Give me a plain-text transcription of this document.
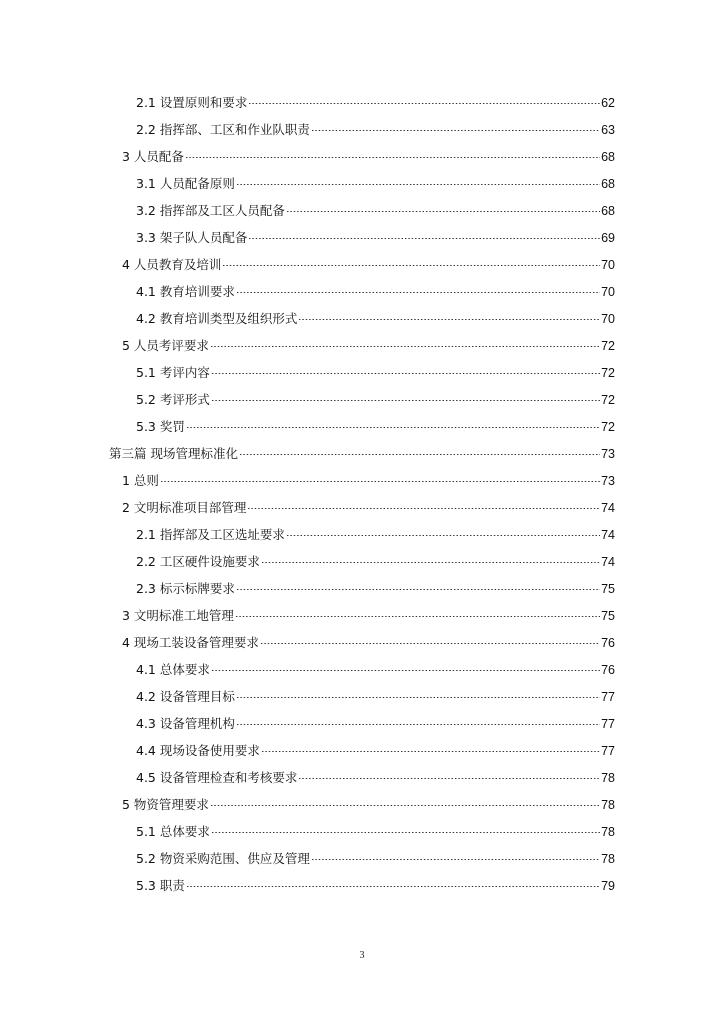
2.1 设置原则和要求	62
2.2 指挥部、工区和作业队职责	63
3 人员配备	68
3.1 人员配备原则	68
3.2 指挥部及工区人员配备	68
3.3 架子队人员配备	69
4 人员教育及培训	70
4.1 教育培训要求	70
4.2 教育培训类型及组织形式	70
5 人员考评要求	72
5.1 考评内容	72
5.2 考评形式	72
5.3 奖罚	72
第三篇 现场管理标准化	73
1 总则	73
2 文明标准项目部管理	74
2.1 指挥部及工区选址要求	74
2.2 工区硬件设施要求	74
2.3 标示标牌要求	75
3 文明标准工地管理	75
4 现场工装设备管理要求	76
4.1 总体要求	76
4.2 设备管理目标	77
4.3 设备管理机构	77
4.4 现场设备使用要求	77
4.5 设备管理检查和考核要求	78
5 物资管理要求	78
5.1 总体要求	78
5.2 物资采购范围、供应及管理	78
5.3 职责	79
3
